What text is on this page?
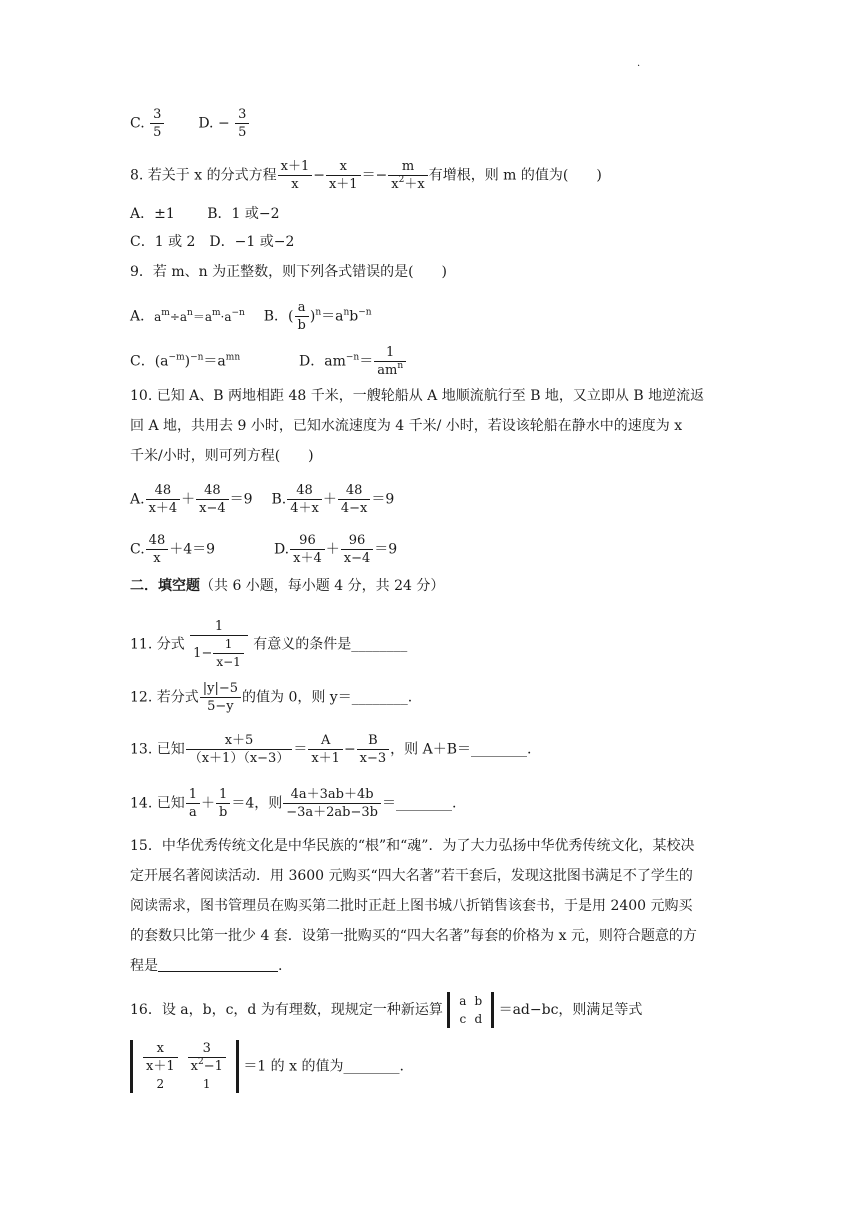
.
C. $\frac{3}{5} D$. − $\frac{3}{5}$
8. 若关于 x 的分式方程 $\frac{x+1}{x} - \frac{x}{x+1} =- \frac{m}{x^2+x}$ 有增根，则 m 的值为(　　)
A．±1　　 B．1 或−2
C．1 或 2　D．−1 或−2
9．若 m、n 为正整数，则下列各式错误的是(　　)
A．$a^m\div a^n=a^m\cdot a^{-n}$ B．( $\frac{a}{b} )^n=a^nb^{-n}$
C．$(a^{-m})^{-n}=a^{mn}$	D．$am^{-n}= \frac{1}{am^n}$
10. 已知 A、B 两地相距 48 千米，一艘轮船从 A 地顺流航行至 B 地，又立即从 B 地逆流返
回 A 地，共用去 9 小时，已知水流速度为 4 千米/ 小时，若设该轮船在静水中的速度为 x
千米/小时，则可列方程(　　)
A. $\frac{48}{x+4} + \frac{48}{x-4} =9$ B. $\frac{48}{4+x} + \frac{48}{4-x} =9$
C. $\frac{48}{x} +4=9$	D. $\frac{96}{x+4} + \frac{96}{x-4} =9$
二．填空题（共 6 小题，每小题 4 分，共 24 分）
11. 分式 $\frac{1}{1- \frac{1}{x-1}}$ 有意义的条件是________
12. 若分式 $\frac{|y|-5}{5-y}$ 的值为 0，则 y＝________.
13. 已知 $\frac{x+5}{(x+1)(x-3)} = \frac{A}{x+1} - \frac{B}{x-3}$ ，则 A＋B＝________.
14. 已知 $\frac{1}{a} + \frac{1}{b} =4$，则 $\frac{4a+3ab+4b}{-3a+2ab-3b}$ ＝________.
15．中华优秀传统文化是中华民族的“根”和“魂”．为了大力弘扬中华优秀传统文化，某校决
定开展名著阅读活动．用 3600 元购买“四大名著”若干套后，发现这批图书满足不了学生的
阅读需求，图书管理员在购买第二批时正赶上图书城八折销售该套书，于是用 2400 元购买
的套数只比第一批少 4 套．设第一批购买的“四大名著”每套的价格为 x 元，则符合题意的方
程是	.
16．设 a，b，c，d 为有理数，现规定一种新运算
a	b
c	d
＝ad−bc，则满足等式
$\frac{x}{x+1}$	$\frac{3}{x^2-1}$

2	1
＝1 的 x 的值为________.
